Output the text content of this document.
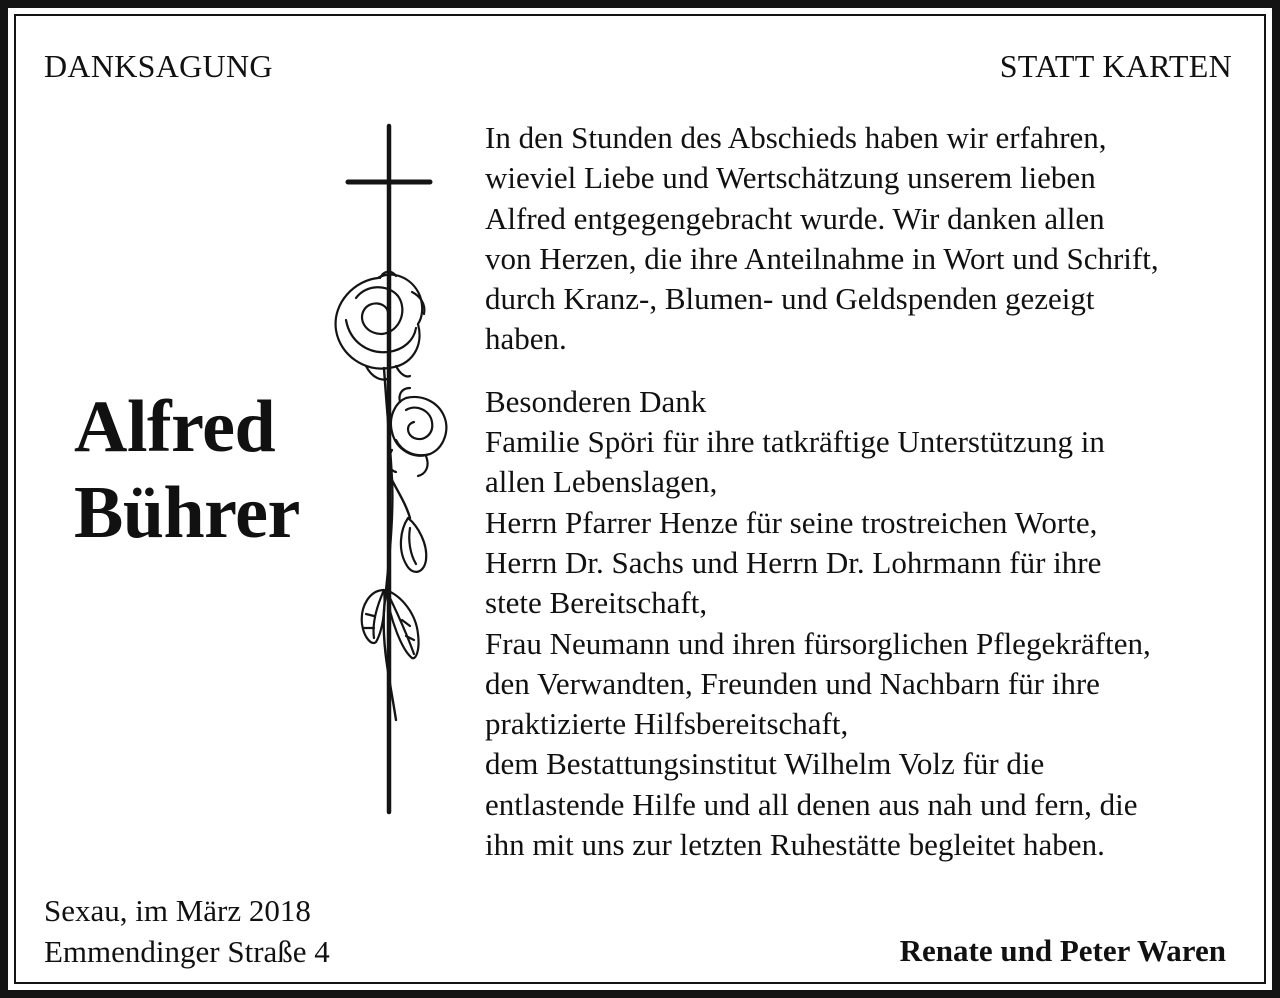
DANKSAGUNG	STATT KARTEN
Alfred
Bührer
In den Stunden des Abschieds haben wir erfahren,
wieviel Liebe und Wertschätzung unserem lieben
Alfred entgegengebracht wurde. Wir danken allen
von Herzen, die ihre Anteilnahme in Wort und Schrift,
durch Kranz-, Blumen- und Geldspenden gezeigt
haben.
Besonderen Dank
Familie Spöri für ihre tatkräftige Unterstützung in
allen Lebenslagen,
Herrn Pfarrer Henze für seine trostreichen Worte,
Herrn Dr. Sachs und Herrn Dr. Lohrmann für ihre
stete Bereitschaft,
Frau Neumann und ihren fürsorglichen Pflegekräften,
den Verwandten, Freunden und Nachbarn für ihre
praktizierte Hilfsbereitschaft,
dem Bestattungsinstitut Wilhelm Volz für die
entlastende Hilfe und all denen aus nah und fern, die
ihn mit uns zur letzten Ruhestätte begleitet haben.
Sexau, im März 2018
Emmendinger Straße 4	Renate und Peter Waren
